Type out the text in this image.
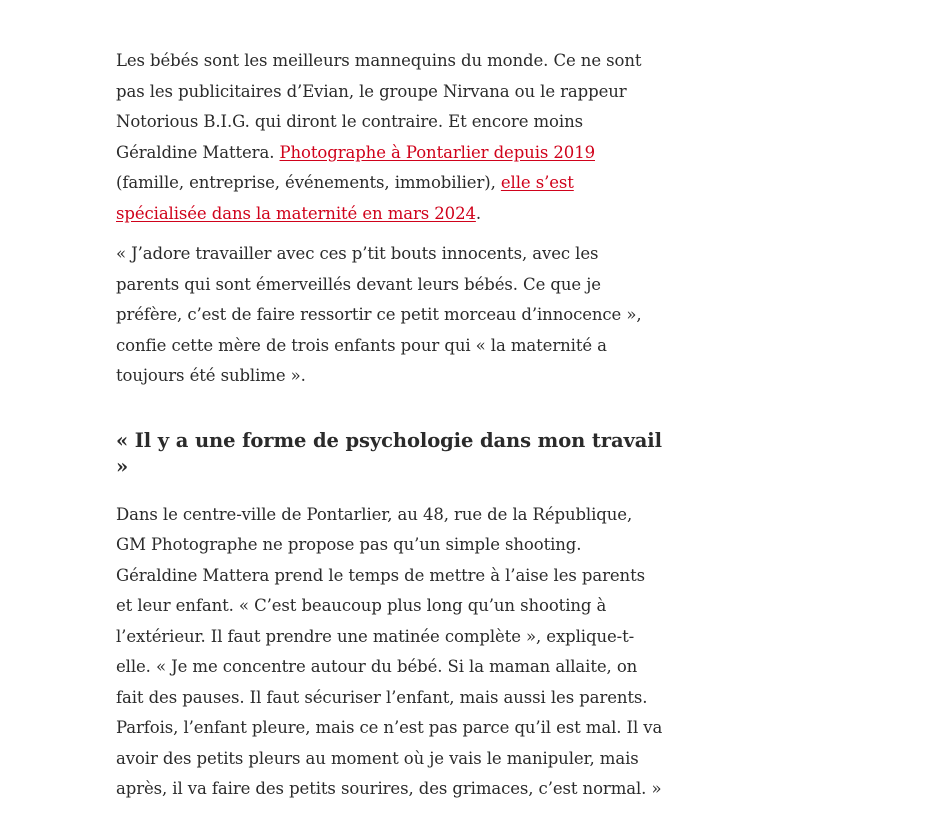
Les bébés sont les meilleurs mannequins du monde. Ce ne sont pas les publicitaires d’Evian, le groupe Nirvana ou le rappeur Notorious B.I.G. qui diront le contraire. Et encore moins Géraldine Mattera. Photographe à Pontarlier depuis 2019 (famille, entreprise, événements, immobilier), elle s’est spécialisée dans la maternité en mars 2024.

« J’adore travailler avec ces p’tit bouts innocents, avec les parents qui sont émerveillés devant leurs bébés. Ce que je préfère, c’est de faire ressortir ce petit morceau d’innocence », confie cette mère de trois enfants pour qui « la maternité a toujours été sublime ».

« Il y a une forme de psychologie dans mon travail »

Dans le centre-ville de Pontarlier, au 48, rue de la République, GM Photographe ne propose pas qu’un simple shooting. Géraldine Mattera prend le temps de mettre à l’aise les parents et leur enfant. « C’est beaucoup plus long qu’un shooting à l’extérieur. Il faut prendre une matinée complète », explique-t-elle. « Je me concentre autour du bébé. Si la maman allaite, on fait des pauses. Il faut sécuriser l’enfant, mais aussi les parents. Parfois, l’enfant pleure, mais ce n’est pas parce qu’il est mal. Il va avoir des petits pleurs au moment où je vais le manipuler, mais après, il va faire des petits sourires, des grimaces, c’est normal. »
